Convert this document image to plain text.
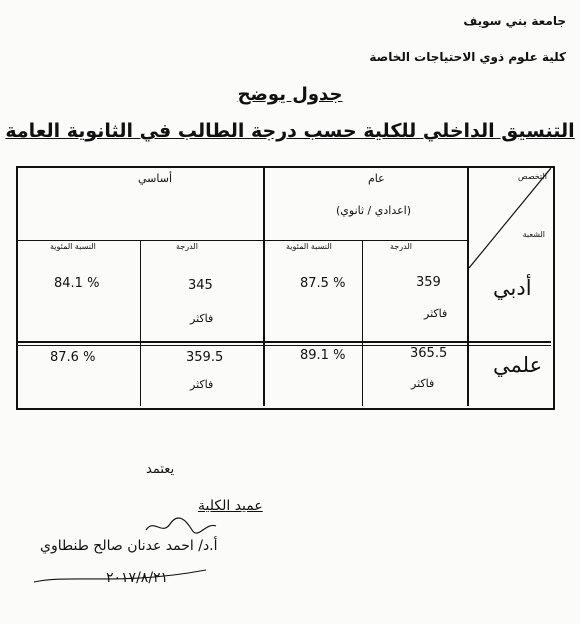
جامعة بني سويف
كلية علوم ذوي الاحتياجات الخاصة
جدول يوضح
التنسيق الداخلي للكلية حسب درجة الطالب في الثانوية العامة
التخصص
الشعبة
عام
(اعدادي / ثانوي)
أساسي
الدرجة
النسبة المئوية
الدرجة
النسبة المئوية
أدبي
359
فاكثر
% 87.5
345
فاكثر
% 84.1
علمي
365.5
فاكثر
% 89.1
359.5
فاكثر
% 87.6
يعتمد
عميد الكلية
أ.د/ احمد عدنان صالح طنطاوي
٢٠١٧/٨/٢١
